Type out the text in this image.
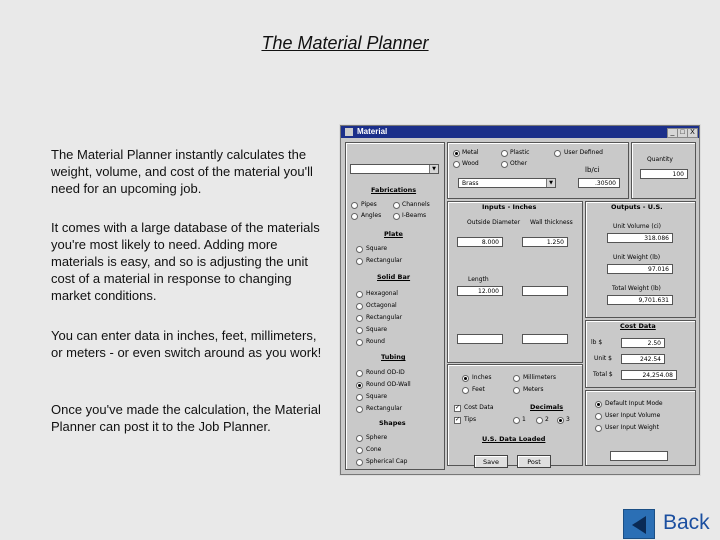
The Material Planner

The Material Planner instantly calculates the weight, volume, and cost of the material you'll need for an upcoming job.

It comes with a large database of the materials you're most likely to need. Adding more materials is easy, and so is adjusting the unit cost of a material in response to changing market conditions.

You can enter data in inches, feet, millimeters, or meters - or even switch around as you work!

Once you've made the calculation, the Material Planner can post it to the Job Planner.

Material	_ □ X
▼
Fabrications
Pipes	Channels
Angles	I-Beams
Plate
Square
Rectangular
Solid Bar
Hexagonal
Octagonal
Rectangular
Square
Round
Tubing
Round OD-ID
Round OD-Wall
Square
Rectangular
Shapes
Sphere
Cone
Spherical Cap
Metal	Plastic	User Defined
Wood	Other
lb/ci
Brass	▼	.30500
Quantity
100
Inputs - Inches
Outside Diameter Wall thickness
8.000	1.250
Length
12.000
Inches	Millimeters
Feet	Meters
✓ Cost Data
✓ Tips
Decimals
1	2	3
U.S. Data Loaded
Save	Post
Outputs - U.S.
Unit Volume (ci)
318.086
Unit Weight (lb)
97.016
Total Weight (lb)
9,701.631
Cost Data
lb $	2.50
Unit $	242.54
Total $	24,254.08
Default Input Mode
User Input Volume
User Input Weight
Back
